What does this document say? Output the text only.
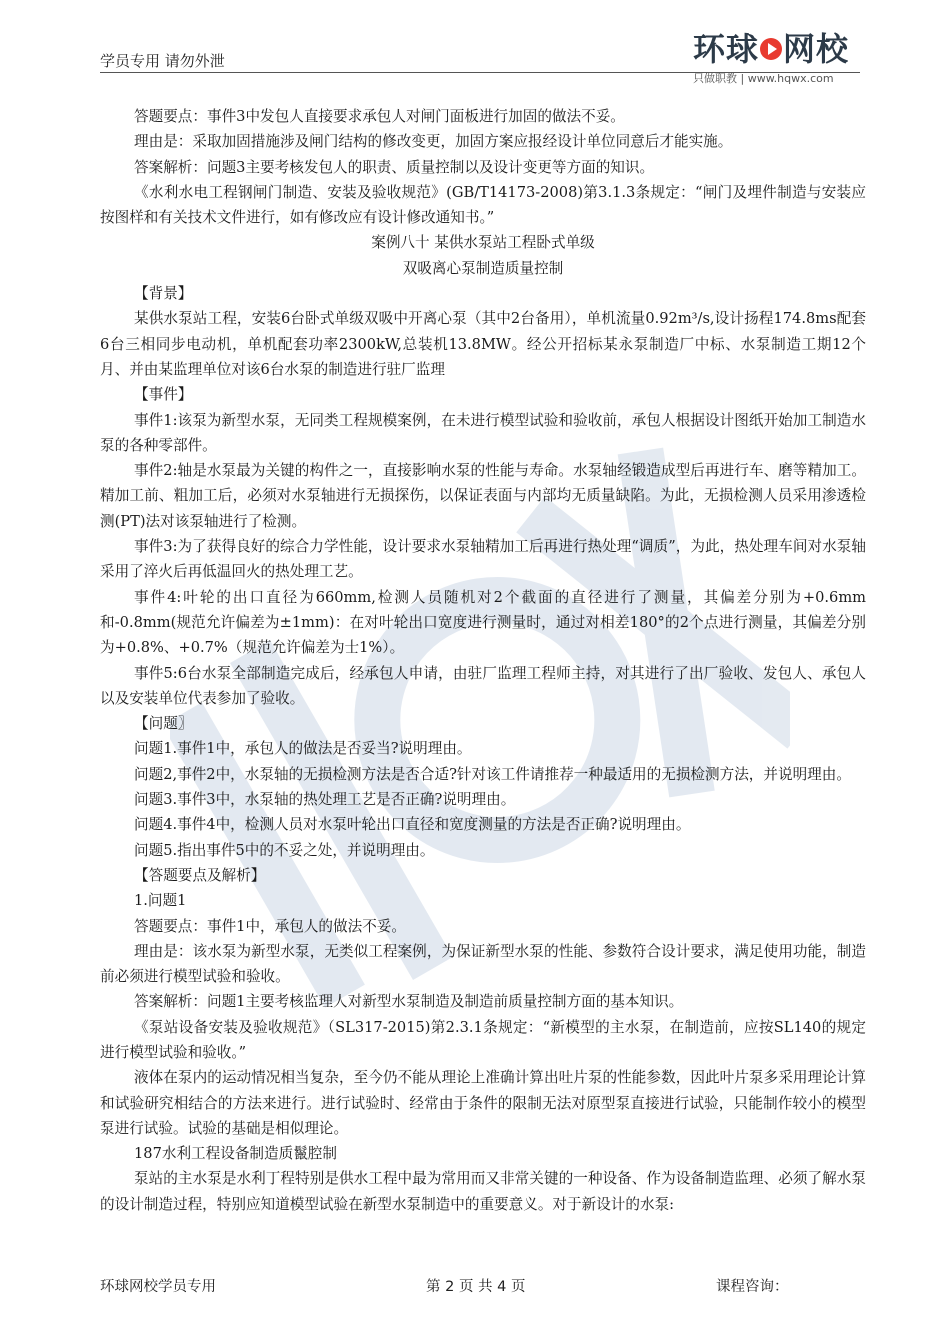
学员专用 请勿外泄	环球 网校
只做职教 | www.hqwx.com

答题要点：事件3中发包人直接要求承包人对闸门面板进行加固的做法不妥。

理由是：采取加固措施涉及闸门结构的修改变更，加固方案应报经设计单位同意后才能实施。

答案解析：问题3主要考核发包人的职责、质量控制以及设计变更等方面的知识。

《水利水电工程钢闸门制造、安装及验收规范》(GB/T14173-2008)第3.1.3条规定：“闸门及埋件制造与安装应按图样和有关技术文件进行，如有修改应有设计修改通知书。”

案例八十 某供水泵站工程卧式单级

双吸离心泵制造质量控制

【背景】

某供水泵站工程，安装6台卧式单级双吸中开离心泵（其中2台备用），单机流量0.92m³/s,设计扬程174.8ms配套6台三相同步电动机，单机配套功率2300kW,总装机13.8MW。经公开招标某永泵制造厂中标、水泵制造工期12个月、并由某监理单位对该6台水泵的制造进行驻厂监理

【事件】

事件1:该泵为新型水泵，无同类工程规模案例，在未进行模型试验和验收前，承包人根据设计图纸开始加工制造水泵的各种零部件。

事件2:轴是水泵最为关键的构件之一，直接影响水泵的性能与寿命。水泵轴经锻造成型后再进行车、磨等精加工。精加工前、粗加工后，必须对水泵轴进行无损探伤，以保证表面与内部均无质量缺陷。为此，无损检测人员采用渗透检测(PT)法对该泵轴进行了检测。

事件3:为了获得良好的综合力学性能，设计要求水泵轴精加工后再进行热处理“调质”，为此，热处理车间对水泵轴采用了淬火后再低温回火的热处理工艺。

事件4:叶轮的出口直径为660mm,检测人员随机对2个截面的直径进行了测量，其偏差分别为+0.6mm和-0.8mm(规范允许偏差为±1mm)：在对叶轮出口宽度进行测量时，通过对相差180°的2个点进行测量，其偏差分别为+0.8%、+0.7%（规范允许偏差为士1%）。

事件5:6台水泵全部制造完成后，经承包人申请，由驻厂监理工程师主持，对其进行了出厂验收、发包人、承包人以及安装单位代表参加了验收。

【问题〗

问题1.事件1中，承包人的做法是否妥当?说明理由。

问题2,事件2中，水泵轴的无损检测方法是否合适?针对该工件请推荐一种最适用的无损检测方法，并说明理由。

问题3.事件3中，水泵轴的热处理工艺是否正确?说明理由。

问题4.事件4中，检测人员对水泵叶轮出口直径和宽度测量的方法是否正确?说明理由。

问题5.指出事件5中的不妥之处，并说明理由。

【答题要点及解析】

1.问题1

答题要点：事件1中，承包人的做法不妥。

理由是：该水泵为新型水泵，无类似工程案例，为保证新型水泵的性能、参数符合设计要求，满足使用功能，制造前必须进行模型试验和验收。

答案解析：问题1主要考核监理人对新型水泵制造及制造前质量控制方面的基本知识。

《泵站设备安装及验收规范》（SL317-2015)第2.3.1条规定：“新模型的主水泵，在制造前，应按SL140的规定进行模型试验和验收。”

液体在泵内的运动情况相当复杂，至今仍不能从理论上准确计算出吐片泵的性能参数，因此叶片泵多采用理论计算和试验研究相结合的方法来进行。进行试验时、经常由于条件的限制无法对原型泵直接进行试验，只能制作较小的模型泵进行试验。试验的基础是相似理论。

187水利工程设备制造质鬣腔制

泵站的主水泵是水利丁程特别是供水工程中最为常用而又非常关键的一种设备、作为设备制造监理、必须了解水泵的设计制造过程，特别应知道模型试验在新型水泵制造中的重要意义。对于新设计的水泵:

环球网校学员专用	第 2 页 共 4 页	课程咨询：
